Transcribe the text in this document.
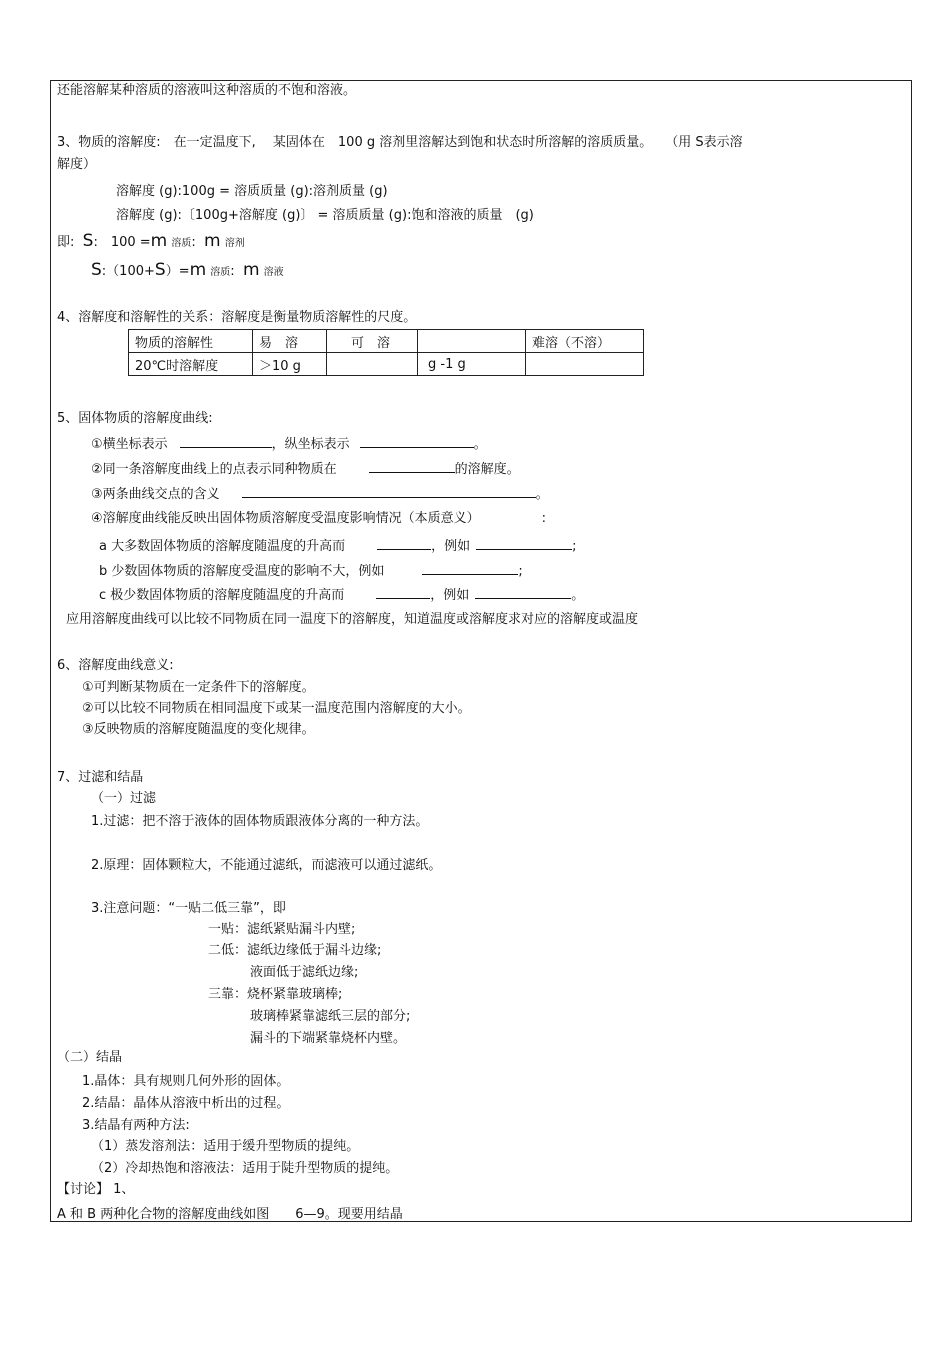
还能溶解某种溶质的溶液叫这种溶质的不饱和溶液。
3、物质的溶解度:　在一定温度下,　 某固体在　100 g 溶剂里溶解达到饱和状态时所溶解的溶质质量。　　（用 S表示溶
解度）
溶解度 (g):100g = 溶质质量 (g):溶剂质量 (g)
溶解度 (g):〔100g+溶解度 (g)〕 = 溶质质量 (g):饱和溶液的质量　(g)
即: S:　100 =m 溶质: m 溶剂
S:（100+S）=m 溶质: m 溶液
4、溶解度和溶解性的关系：溶解度是衡量物质溶解性的尺度。
物质的溶解性	易　溶	可　溶		难溶（不溶）
20℃时溶解度	＞10 g		g -1 g	
5、固体物质的溶解度曲线:
①横坐标表示	，纵坐标表示	。
②同一条溶解度曲线上的点表示同种物质在	的溶解度。
③两条曲线交点的含义	。
④溶解度曲线能反映出固体物质溶解度受温度影响情况（本质意义）	:
a 大多数固体物质的溶解度随温度的升高而	，例如	;
b 少数固体物质的溶解度受温度的影响不大，例如	;
c 极少数固体物质的溶解度随温度的升高而	，例如	。
应用溶解度曲线可以比较不同物质在同一温度下的溶解度，知道温度或溶解度求对应的溶解度或温度
6、溶解度曲线意义:
①可判断某物质在一定条件下的溶解度。
②可以比较不同物质在相同温度下或某一温度范围内溶解度的大小。
③反映物质的溶解度随温度的变化规律。
7、过滤和结晶
（一）过滤
1.过滤：把不溶于液体的固体物质跟液体分离的一种方法。
2.原理：固体颗粒大，不能通过滤纸，而滤液可以通过滤纸。
3.注意问题：“一贴二低三靠”，即
一贴：滤纸紧贴漏斗内壁;
二低：滤纸边缘低于漏斗边缘;
液面低于滤纸边缘;
三靠：烧杯紧靠玻璃棒;
玻璃棒紧靠滤纸三层的部分;
漏斗的下端紧靠烧杯内壁。
（二）结晶
1.晶体：具有规则几何外形的固体。
2.结晶：晶体从溶液中析出的过程。
3.结晶有两种方法:
（1）蒸发溶剂法：适用于缓升型物质的提纯。
（2）冷却热饱和溶液法：适用于陡升型物质的提纯。
【讨论】 1、
A 和 B 两种化合物的溶解度曲线如图　　6—9。现要用结晶
